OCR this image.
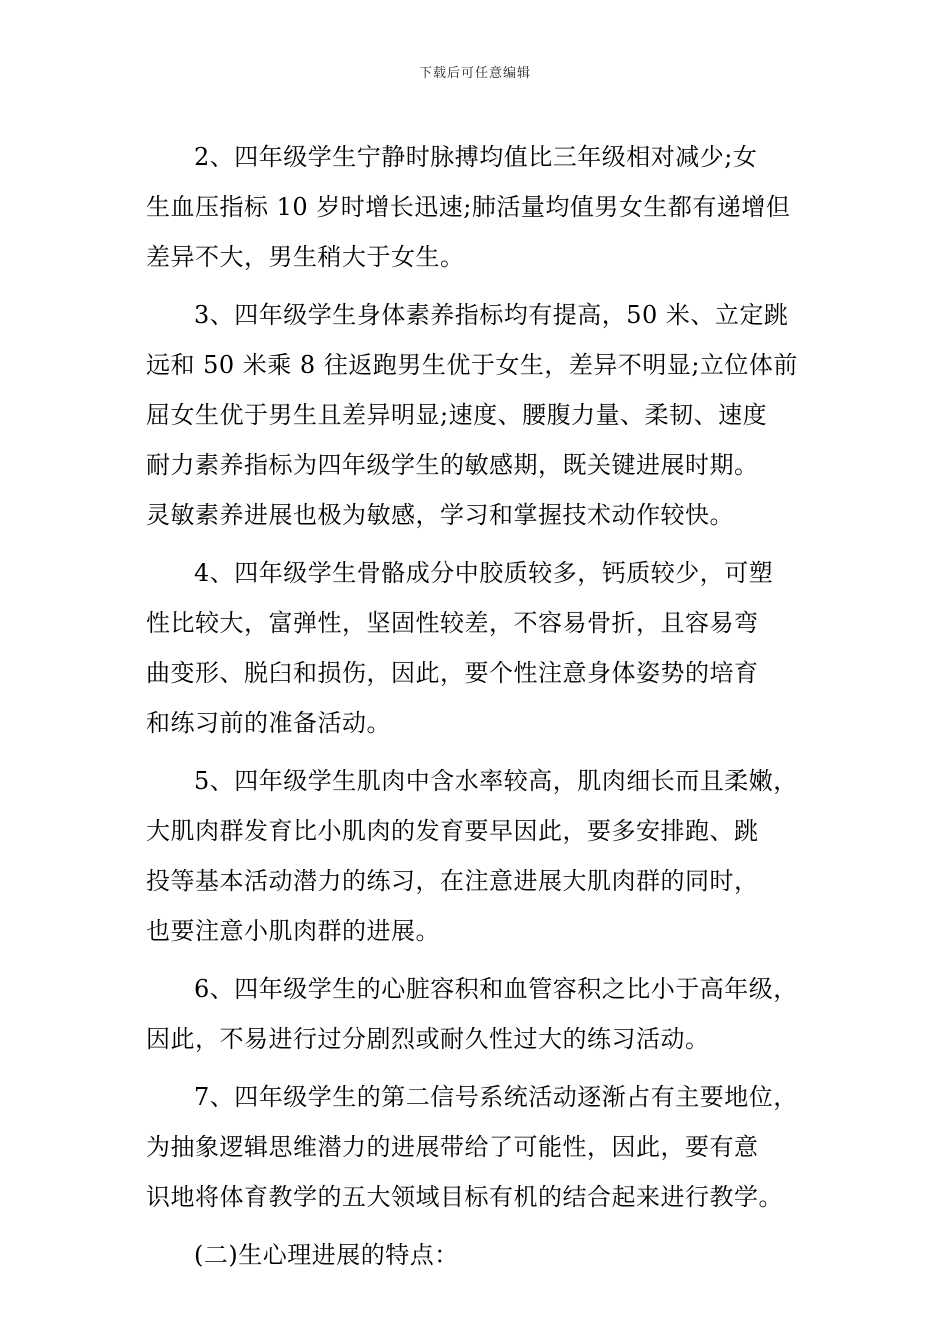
下载后可任意编辑
2、四年级学生宁静时脉搏均值比三年级相对减少;女
生血压指标 10 岁时增长迅速;肺活量均值男女生都有递增但
差异不大，男生稍大于女生。
3、四年级学生身体素养指标均有提高，50 米、立定跳
远和 50 米乘 8 往返跑男生优于女生，差异不明显;立位体前
屈女生优于男生且差异明显;速度、腰腹力量、柔韧、速度
耐力素养指标为四年级学生的敏感期，既关键进展时期。
灵敏素养进展也极为敏感，学习和掌握技术动作较快。
4、四年级学生骨骼成分中胶质较多，钙质较少，可塑
性比较大，富弹性，坚固性较差，不容易骨折，且容易弯
曲变形、脱臼和损伤，因此，要个性注意身体姿势的培育
和练习前的准备活动。
5、四年级学生肌肉中含水率较高，肌肉细长而且柔嫩，
大肌肉群发育比小肌肉的发育要早因此，要多安排跑、跳
投等基本活动潜力的练习，在注意进展大肌肉群的同时，
也要注意小肌肉群的进展。
6、四年级学生的心脏容积和血管容积之比小于高年级，
因此，不易进行过分剧烈或耐久性过大的练习活动。
7、四年级学生的第二信号系统活动逐渐占有主要地位，
为抽象逻辑思维潜力的进展带给了可能性，因此，要有意
识地将体育教学的五大领域目标有机的结合起来进行教学。
(二)生心理进展的特点：
